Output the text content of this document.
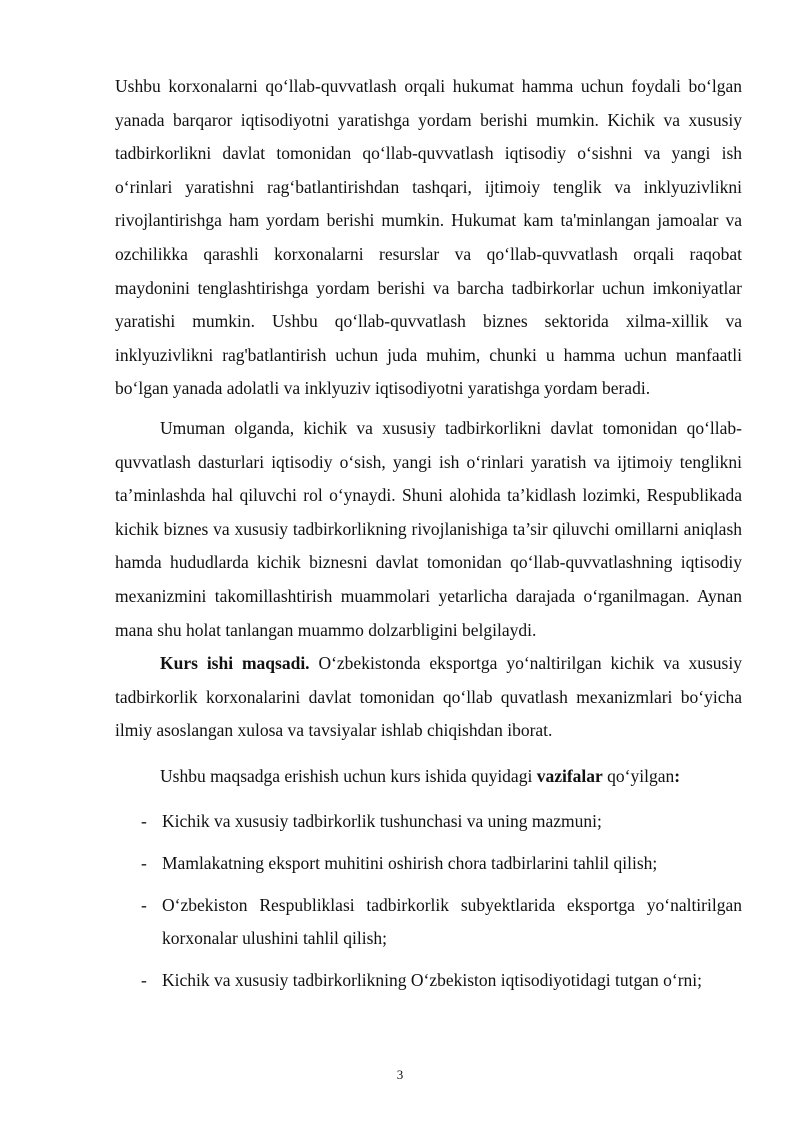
Ushbu korxonalarni qo‘llab-quvvatlash orqali hukumat hamma uchun foydali bo‘lgan yanada barqaror iqtisodiyotni yaratishga yordam berishi mumkin. Kichik va xususiy tadbirkorlikni davlat tomonidan qo‘llab-quvvatlash iqtisodiy o‘sishni va yangi ish o‘rinlari yaratishni rag‘batlantirishdan tashqari, ijtimoiy tenglik va inklyuzivlikni rivojlantirishga ham yordam berishi mumkin. Hukumat kam ta'minlangan jamoalar va ozchilikka qarashli korxonalarni resurslar va qo‘llab-quvvatlash orqali raqobat maydonini tenglashtirishga yordam berishi va barcha tadbirkorlar uchun imkoniyatlar yaratishi mumkin. Ushbu qo‘llab-quvvatlash biznes sektorida xilma-xillik va inklyuzivlikni rag'batlantirish uchun juda muhim, chunki u hamma uchun manfaatli bo‘lgan yanada adolatli va inklyuziv iqtisodiyotni yaratishga yordam beradi.

Umuman olganda, kichik va xususiy tadbirkorlikni davlat tomonidan qo‘llab-quvvatlash dasturlari iqtisodiy o‘sish, yangi ish o‘rinlari yaratish va ijtimoiy tenglikni ta’minlashda hal qiluvchi rol o‘ynaydi. Shuni alohida ta’kidlash lozimki, Respublikada kichik biznes va xususiy tadbirkorlikning rivojlanishiga ta’sir qiluvchi omillarni aniqlash hamda hududlarda kichik biznesni davlat tomonidan qo‘llab-quvvatlashning iqtisodiy mexanizmini takomillashtirish muammolari yetarlicha darajada o‘rganilmagan. Aynan mana shu holat tanlangan muammo dolzarbligini belgilaydi.

Kurs ishi maqsadi. O‘zbekistonda eksportga yo‘naltirilgan kichik va xususiy tadbirkorlik korxonalarini davlat tomonidan qo‘llab quvatlash mexanizmlari bo‘yicha ilmiy asoslangan xulosa va tavsiyalar ishlab chiqishdan iborat.

Ushbu maqsadga erishish uchun kurs ishida quyidagi vazifalar qo‘yilgan:

- Kichik va xususiy tadbirkorlik tushunchasi va uning mazmuni;
- Mamlakatning eksport muhitini oshirish chora tadbirlarini tahlil qilish;
- O‘zbekiston Respubliklasi tadbirkorlik subyektlarida eksportga yo‘naltirilgan korxonalar ulushini tahlil qilish;
- Kichik va xususiy tadbirkorlikning O‘zbekiston iqtisodiyotidagi tutgan o‘rni;
3
